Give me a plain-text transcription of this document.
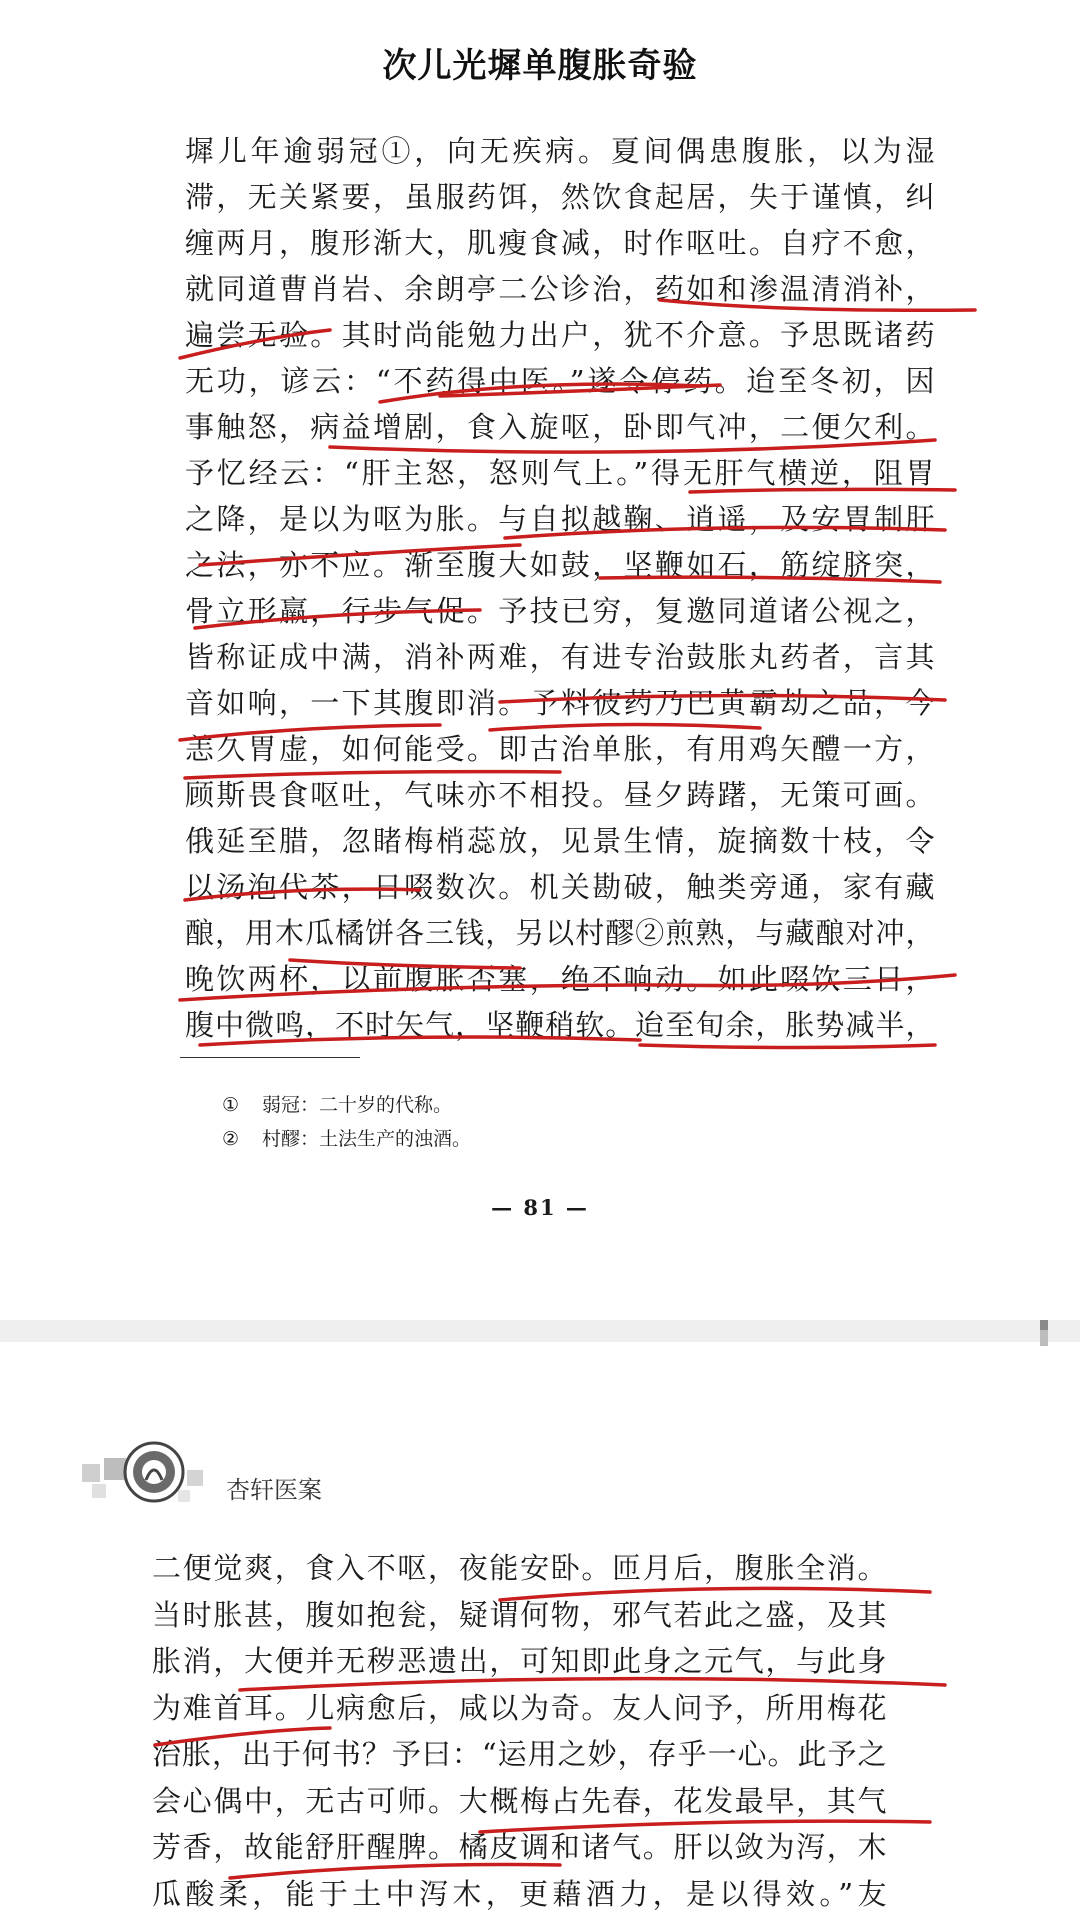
次儿光墀单腹胀奇验
墀儿年逾弱冠①，向无疾病。夏间偶患腹胀，以为湿
滞，无关紧要，虽服药饵，然饮食起居，失于谨慎，纠
缠两月，腹形渐大，肌瘦食减，时作呕吐。自疗不愈，
就同道曹肖岩、余朗亭二公诊治，药如和渗温清消补，
遍尝无验。其时尚能勉力出户，犹不介意。予思既诸药
无功，谚云：“不药得中医。”遂令停药。迨至冬初，因
事触怒，病益增剧，食入旋呕，卧即气冲，二便欠利。
予忆经云：“肝主怒，怒则气上。”得无肝气横逆，阻胃
之降，是以为呕为胀。与自拟越鞠、逍遥，及安胃制肝
之法，亦不应。渐至腹大如鼓，坚鞭如石，筋绽脐突，
骨立形羸，行步气促。予技已穷，复邀同道诸公视之，
皆称证成中满，消补两难，有进专治鼓胀丸药者，言其
音如响，一下其腹即消。予料彼药乃巴黄霸劫之品，今
恙久胃虚，如何能受。即古治单胀，有用鸡矢醴一方，
顾斯畏食呕吐，气味亦不相投。昼夕踌躇，无策可画。
俄延至腊，忽睹梅梢蕊放，见景生情，旋摘数十枝，令
以汤泡代茶，日啜数次。机关勘破，触类旁通，家有藏
酿，用木瓜橘饼各三钱，另以村醪②煎熟，与藏酿对冲，
晚饮两杯，以前腹胀否塞，绝不响动。如此啜饮三日，
腹中微鸣，不时矢气，坚鞭稍软。迨至旬余，胀势减半，
① 弱冠：二十岁的代称。
② 村醪：土法生产的浊酒。
— 81 —
杏轩医案
二便觉爽，食入不呕，夜能安卧。匝月后，腹胀全消。
当时胀甚，腹如抱瓮，疑谓何物，邪气若此之盛，及其
胀消，大便并无秽恶遗出，可知即此身之元气，与此身
为难首耳。儿病愈后，咸以为奇。友人问予，所用梅花
治胀，出于何书？予曰：“运用之妙，存乎一心。此予之
会心偶中，无古可师。大概梅占先春，花发最早，其气
芳香，故能舒肝醒脾。橘皮调和诸气。肝以敛为泻，木
瓜酸柔，能于土中泻木，更藉酒力，是以得效。”友
